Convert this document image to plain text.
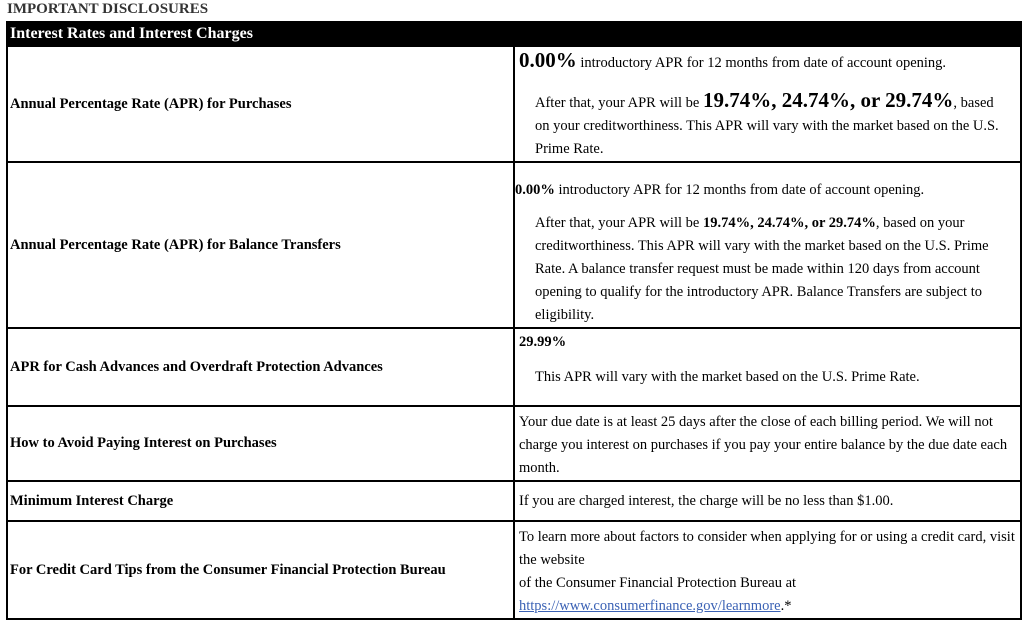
IMPORTANT DISCLOSURES
Interest Rates and Interest Charges	
Annual Percentage Rate (APR) for Purchases	0.00% introductory APR for 12 months from date of account opening.
After that, your APR will be 19.74%, 24.74%, or 29.74%, based on your creditworthiness. This APR will vary with the market based on the U.S. Prime Rate.

Annual Percentage Rate (APR) for Balance Transfers	0.00% introductory APR for 12 months from date of account opening.
After that, your APR will be 19.74%, 24.74%, or 29.74%, based on your creditworthiness. This APR will vary with the market based on the U.S. Prime Rate. A balance transfer request must be made within 120 days from account opening to qualify for the introductory APR. Balance Transfers are subject to eligibility.

APR for Cash Advances and Overdraft Protection Advances	29.99%
This APR will vary with the market based on the U.S. Prime Rate.

How to Avoid Paying Interest on Purchases	Your due date is at least 25 days after the close of each billing period. We will not charge you interest on purchases if you pay your entire balance by the due date each month.

Minimum Interest Charge	If you are charged interest, the charge will be no less than $1.00.

For Credit Card Tips from the Consumer Financial Protection Bureau	To learn more about factors to consider when applying for or using a credit card, visit the website
of the Consumer Financial Protection Bureau at https://www.consumerfinance.gov/learnmore.*
